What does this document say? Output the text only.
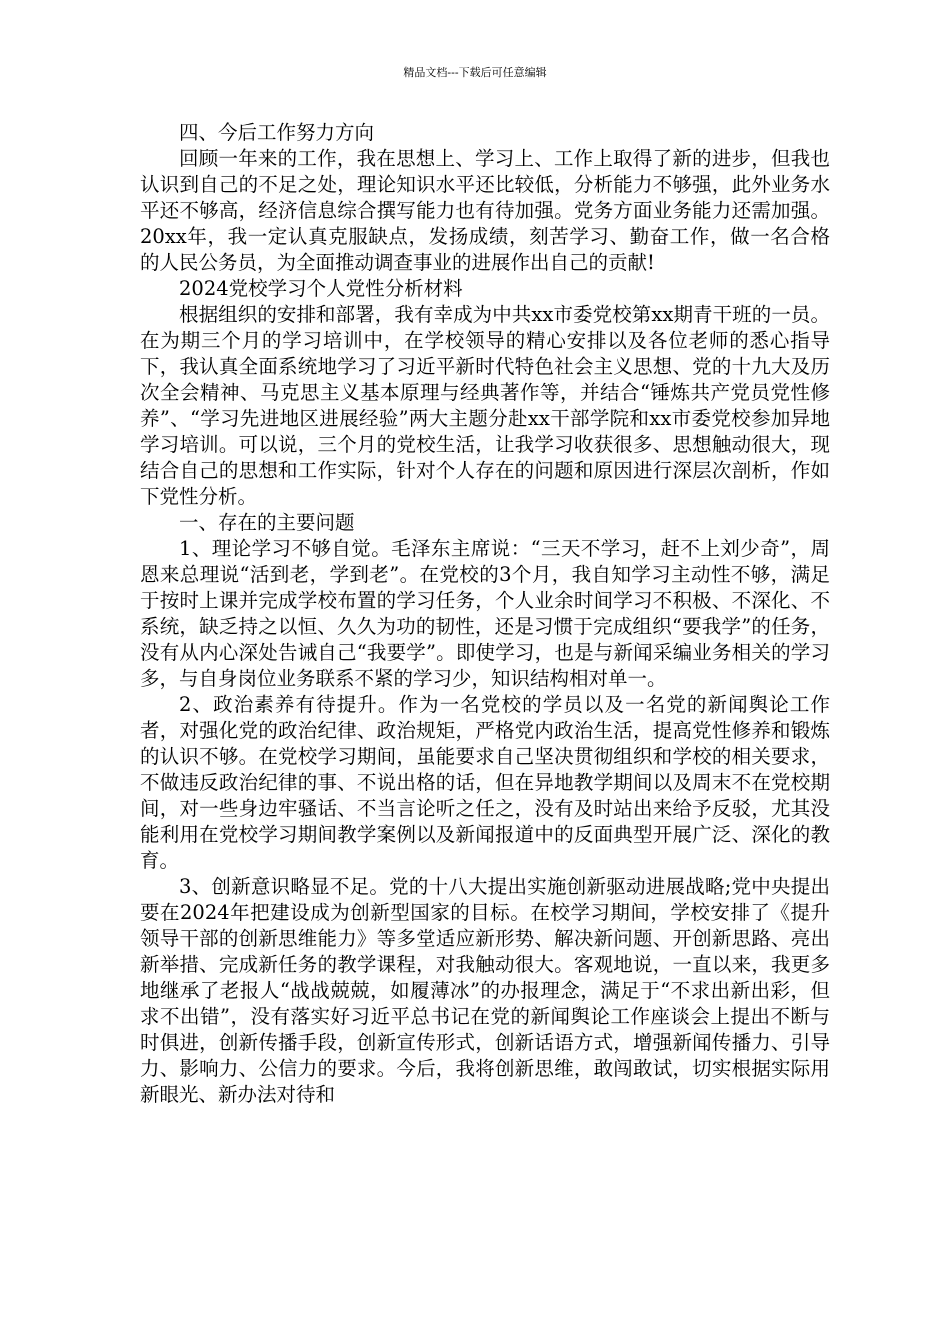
精品文档---下载后可任意编辑

四、今后工作努力方向

回顾一年来的工作，我在思想上、学习上、工作上取得了新的进步，但我也认识到自己的不足之处，理论知识水平还比较低，分析能力不够强，此外业务水平还不够高，经济信息综合撰写能力也有待加强。党务方面业务能力还需加强。20xx年，我一定认真克服缺点，发扬成绩，刻苦学习、勤奋工作，做一名合格的人民公务员，为全面推动调查事业的进展作出自己的贡献!

2024党校学习个人党性分析材料

根据组织的安排和部署，我有幸成为中共xx市委党校第xx期青干班的一员。在为期三个月的学习培训中，在学校领导的精心安排以及各位老师的悉心指导下，我认真全面系统地学习了习近平新时代特色社会主义思想、党的十九大及历次全会精神、马克思主义基本原理与经典著作等，并结合“锤炼共产党员党性修养”、“学习先进地区进展经验”两大主题分赴xx干部学院和xx市委党校参加异地学习培训。可以说，三个月的党校生活，让我学习收获很多、思想触动很大，现结合自己的思想和工作实际，针对个人存在的问题和原因进行深层次剖析，作如下党性分析。

一、存在的主要问题

1、理论学习不够自觉。毛泽东主席说：“三天不学习，赶不上刘少奇”，周恩来总理说“活到老，学到老”。在党校的3个月，我自知学习主动性不够，满足于按时上课并完成学校布置的学习任务，个人业余时间学习不积极、不深化、不系统，缺乏持之以恒、久久为功的韧性，还是习惯于完成组织“要我学”的任务，没有从内心深处告诫自己“我要学”。即使学习，也是与新闻采编业务相关的学习多，与自身岗位业务联系不紧的学习少，知识结构相对单一。

2、政治素养有待提升。作为一名党校的学员以及一名党的新闻舆论工作者，对强化党的政治纪律、政治规矩，严格党内政治生活，提高党性修养和锻炼的认识不够。在党校学习期间，虽能要求自己坚决贯彻组织和学校的相关要求，不做违反政治纪律的事、不说出格的话，但在异地教学期间以及周末不在党校期间，对一些身边牢骚话、不当言论听之任之，没有及时站出来给予反驳，尤其没能利用在党校学习期间教学案例以及新闻报道中的反面典型开展广泛、深化的教育。

3、创新意识略显不足。党的十八大提出实施创新驱动进展战略;党中央提出要在2024年把建设成为创新型国家的目标。在校学习期间，学校安排了《提升领导干部的创新思维能力》等多堂适应新形势、解决新问题、开创新思路、亮出新举措、完成新任务的教学课程，对我触动很大。客观地说，一直以来，我更多地继承了老报人“战战兢兢，如履薄冰”的办报理念，满足于“不求出新出彩，但求不出错”，没有落实好习近平总书记在党的新闻舆论工作座谈会上提出不断与时俱进，创新传播手段，创新宣传形式，创新话语方式，增强新闻传播力、引导力、影响力、公信力的要求。今后，我将创新思维，敢闯敢试，切实根据实际用新眼光、新办法对待和
